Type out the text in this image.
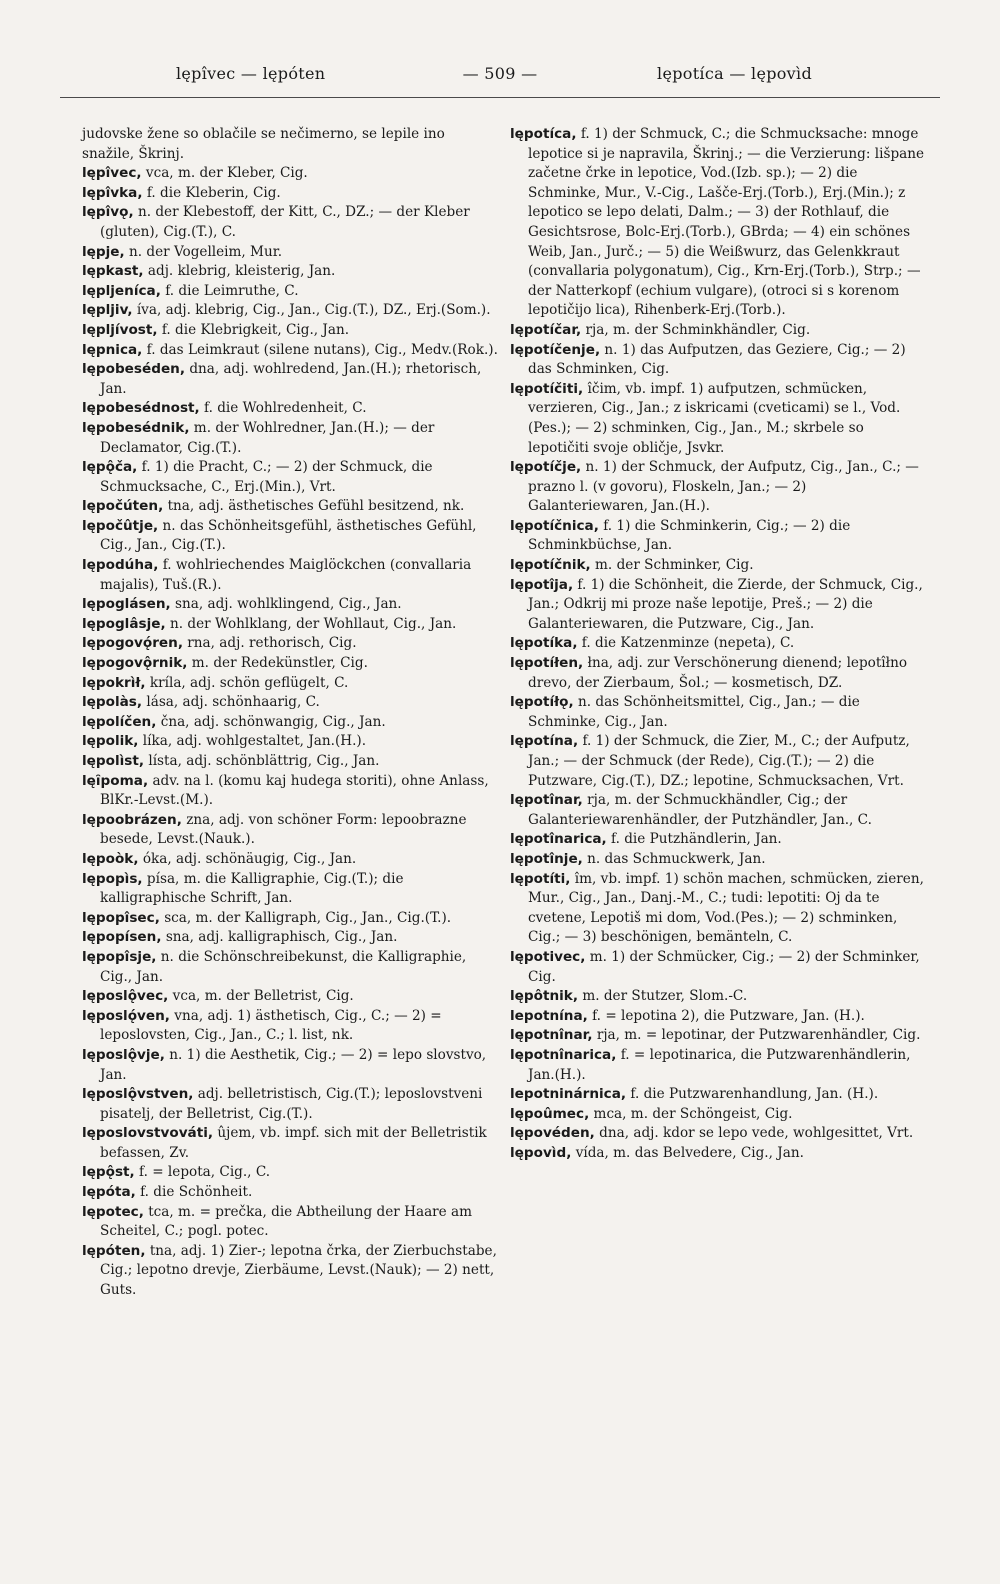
lępîvec — lępóten	— 509 —	lępotíca — lępovìd

judovske žene so oblačile se nečimerno, se lepile ino snažile, Škrinj.

lępîvec, vca, m. der Kleber, Cig.

lępîvka, f. die Kleberin, Cig.

lępîvǫ, n. der Klebestoff, der Kitt, C., DZ.; — der Kleber (gluten), Cig.(T.), C.

lępje, n. der Vogelleim, Mur.

lępkast, adj. klebrig, kleisterig, Jan.

lępljeníca, f. die Leimruthe, C.

lępljiv, íva, adj. klebrig, Cig., Jan., Cig.(T.), DZ., Erj.(Som.).

lępljívost, f. die Klebrigkeit, Cig., Jan.

lępnica, f. das Leimkraut (silene nutans), Cig., Medv.(Rok.).

lępobeséden, dna, adj. wohlredend, Jan.(H.); rhetorisch, Jan.

lępobesédnost, f. die Wohlredenheit, C.

lępobesédnik, m. der Wohlredner, Jan.(H.); — der Declamator, Cig.(T.).

lępǫ̂ča, f. 1) die Pracht, C.; — 2) der Schmuck, die Schmucksache, C., Erj.(Min.), Vrt.

lępočúten, tna, adj. ästhetisches Gefühl besitzend, nk.

lępočûtje, n. das Schönheitsgefühl, ästhetisches Gefühl, Cig., Jan., Cig.(T.).

lępodúha, f. wohlriechendes Maiglöckchen (convallaria majalis), Tuš.(R.).

lępoglásen, sna, adj. wohlklingend, Cig., Jan.

lępoglâsje, n. der Wohlklang, der Wohllaut, Cig., Jan.

lępogovǫ́ren, rna, adj. rethorisch, Cig.

lępogovǫ̂rnik, m. der Redekünstler, Cig.

lępokrìł, kríla, adj. schön geflügelt, C.

lępolàs, lása, adj. schönhaarig, C.

lępolíčen, čna, adj. schönwangig, Cig., Jan.

lępolik, líka, adj. wohlgestaltet, Jan.(H.).

lępolìst, lísta, adj. schönblättrig, Cig., Jan.

lęȋpoma, adv. na l. (komu kaj hudega storiti), ohne Anlass, BlKr.-Levst.(M.).

lępoobrázen, zna, adj. von schöner Form: lepoobrazne besede, Levst.(Nauk.).

lępoòk, óka, adj. schönäugig, Cig., Jan.

lępopìs, písa, m. die Kalligraphie, Cig.(T.); die kalligraphische Schrift, Jan.

lępopîsec, sca, m. der Kalligraph, Cig., Jan., Cig.(T.).

lępopísen, sna, adj. kalligraphisch, Cig., Jan.

lępopîsje, n. die Schönschreibekunst, die Kalligraphie, Cig., Jan.

lęposlǫ̂vec, vca, m. der Belletrist, Cig.

lęposlǫ́ven, vna, adj. 1) ästhetisch, Cig., C.; — 2) = leposlovsten, Cig., Jan., C.; l. list, nk.

lęposlǫ̂vje, n. 1) die Aesthetik, Cig.; — 2) = lepo slovstvo, Jan.

lęposlǫ̂vstven, adj. belletristisch, Cig.(T.); leposlovstveni pisatelj, der Belletrist, Cig.(T.).

lęposlovstvováti, ûjem, vb. impf. sich mit der Belletristik befassen, Zv.

lępǫ̂st, f. = lepota, Cig., C.

lępóta, f. die Schönheit.

lępotec, tca, m. = prečka, die Abtheilung der Haare am Scheitel, C.; pogl. potec.

lępóten, tna, adj. 1) Zier-; lepotna črka, der Zierbuchstabe, Cig.; lepotno drevje, Zierbäume, Levst.(Nauk); — 2) nett, Guts.

lępotíca, f. 1) der Schmuck, C.; die Schmucksache: mnoge lepotice si je napravila, Škrinj.; — die Verzierung: lišpane začetne črke in lepotice, Vod.(Izb. sp.); — 2) die Schminke, Mur., V.-Cig., Lašče-Erj.(Torb.), Erj.(Min.); z lepotico se lepo delati, Dalm.; — 3) der Rothlauf, die Gesichtsrose, Bolc-Erj.(Torb.), GBrda; — 4) ein schönes Weib, Jan., Jurč.; — 5) die Weißwurz, das Gelenkkraut (convallaria polygonatum), Cig., Krn-Erj.(Torb.), Strp.; — der Natterkopf (echium vulgare), (otroci si s korenom lepotičijo lica), Rihenberk-Erj.(Torb.).

lępotíčar, rja, m. der Schminkhändler, Cig.

lępotíčenje, n. 1) das Aufputzen, das Geziere, Cig.; — 2) das Schminken, Cig.

lępotíčiti, îčim, vb. impf. 1) aufputzen, schmücken, verzieren, Cig., Jan.; z iskricami (cveticami) se l., Vod.(Pes.); — 2) schminken, Cig., Jan., M.; skrbele so lepotičiti svoje obličje, Jsvkr.

lępotíčje, n. 1) der Schmuck, der Aufputz, Cig., Jan., C.; — prazno l. (v govoru), Floskeln, Jan.; — 2) Galanteriewaren, Jan.(H.).

lępotíčnica, f. 1) die Schminkerin, Cig.; — 2) die Schminkbüchse, Jan.

lępotíčnik, m. der Schminker, Cig.

lępotîja, f. 1) die Schönheit, die Zierde, der Schmuck, Cig., Jan.; Odkrij mi proze naše lepotije, Preš.; — 2) die Galanteriewaren, die Putzware, Cig., Jan.

lępotíka, f. die Katzenminze (nepeta), C.

lępotíłen, łna, adj. zur Verschönerung dienend; lepotîłno drevo, der Zierbaum, Šol.; — kosmetisch, DZ.

lępotíłǫ, n. das Schönheitsmittel, Cig., Jan.; — die Schminke, Cig., Jan.

lępotína, f. 1) der Schmuck, die Zier, M., C.; der Aufputz, Jan.; — der Schmuck (der Rede), Cig.(T.); — 2) die Putzware, Cig.(T.), DZ.; lepotine, Schmucksachen, Vrt.

lępotînar, rja, m. der Schmuckhändler, Cig.; der Galanteriewarenhändler, der Putzhändler, Jan., C.

lępotînarica, f. die Putzhändlerin, Jan.

lępotînje, n. das Schmuckwerk, Jan.

lępotíti, îm, vb. impf. 1) schön machen, schmücken, zieren, Mur., Cig., Jan., Danj.-M., C.; tudi: lepotiti: Oj da te cvetene, Lepotiš mi dom, Vod.(Pes.); — 2) schminken, Cig.; — 3) beschönigen, bemänteln, C.

lępotivec, m. 1) der Schmücker, Cig.; — 2) der Schminker, Cig.

lępôtnik, m. der Stutzer, Slom.-C.

lepotnína, f. = lepotina 2), die Putzware, Jan. (H.).

lępotnînar, rja, m. = lepotinar, der Putzwarenhändler, Cig.

lępotnînarica, f. = lepotinarica, die Putzwarenhändlerin, Jan.(H.).

lepotninárnica, f. die Putzwarenhandlung, Jan. (H.).

lępoûmec, mca, m. der Schöngeist, Cig.

lępovéden, dna, adj. kdor se lepo vede, wohlgesittet, Vrt.

lępovìd, vída, m. das Belvedere, Cig., Jan.
